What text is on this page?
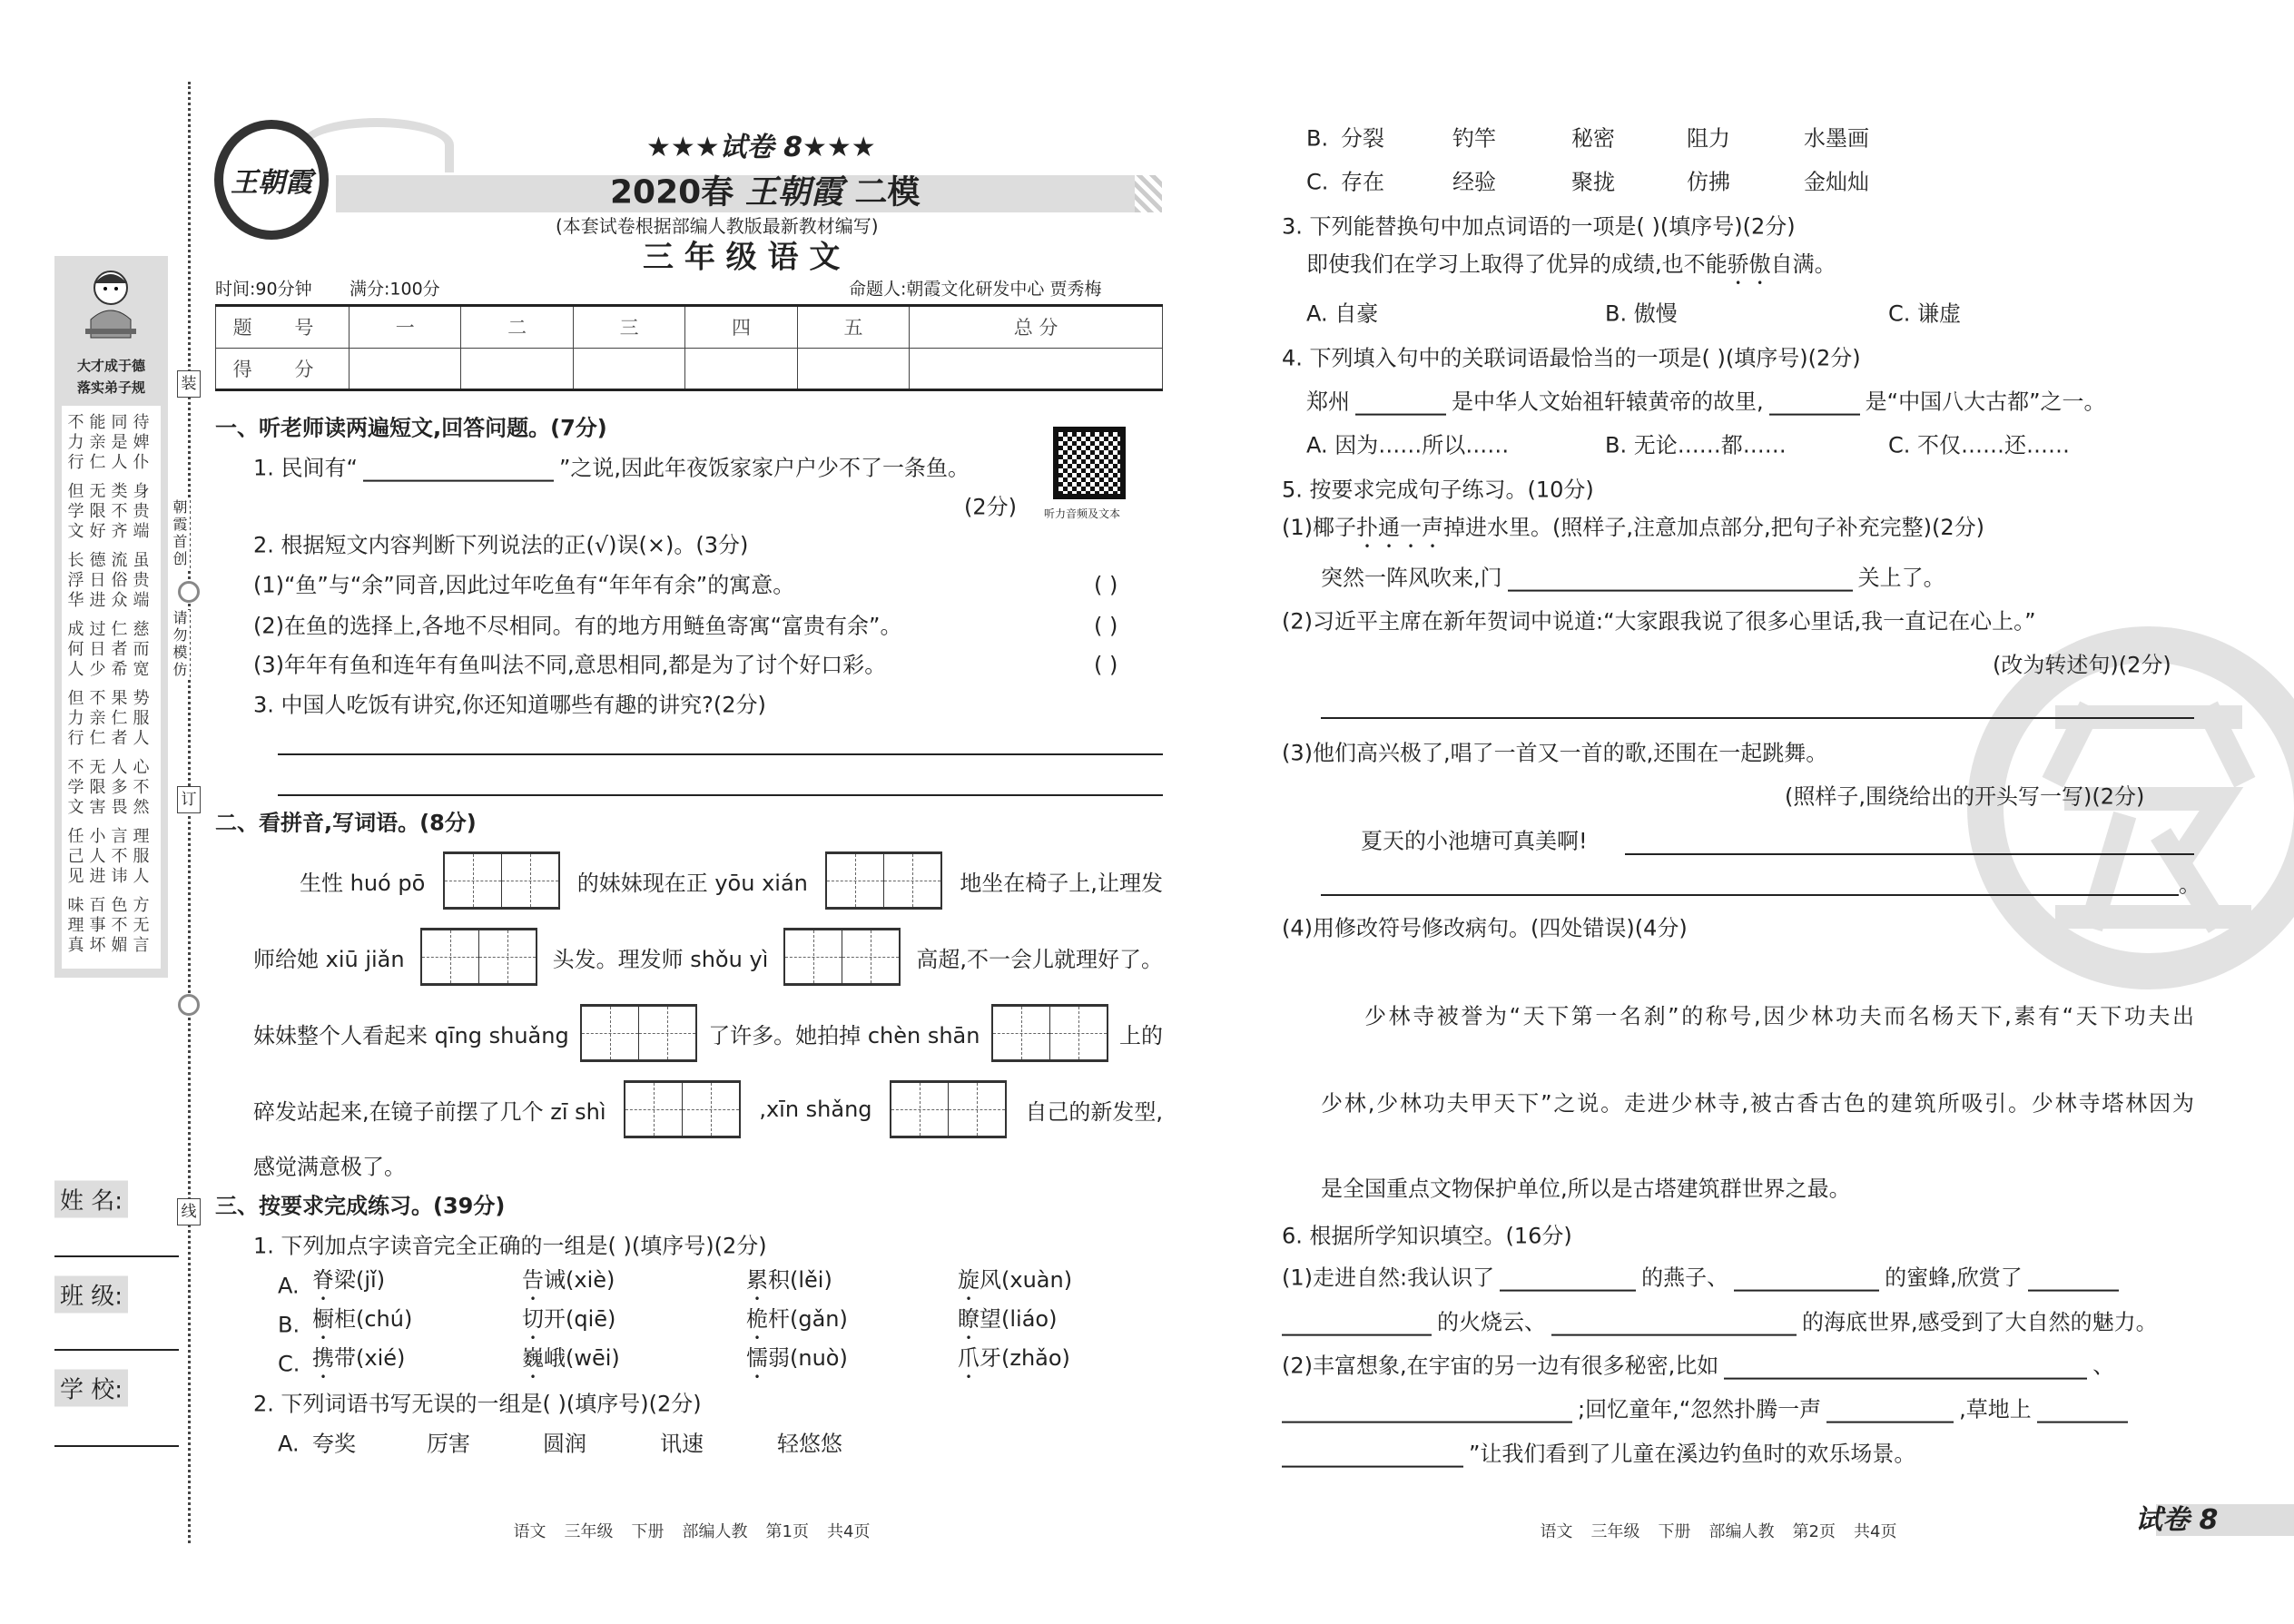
大才成于德
落实弟子规
不能同待
力亲是婢
行仁人仆
但无类身
学限不贵
文好齐端
长德流虽
浮日俗贵
华进众端
成过仁慈
何日者而
人少希宽
但不果势
力亲仁服
行仁者人
不无人心
学限多不
文害畏然
任小言理
己人不服
见进讳人
味百色方
理事不无
真坏媚言
装
朝霞首创
请勿模仿
订
线
姓 名:
班 级:
学 校:
王朝霞
★★★试卷 8★★★
2020春 王朝霞 二模
(本套试卷根据部编人教版最新教材编写)
三 年 级 语 文
时间:90分钟 满分:100分	命题人:朝霞文化研发中心 贾秀梅
题 号	一	二	三	四	五	总 分
得 分						
一、听老师读两遍短文,回答问题。(7分)
1. 民间有“	”之说,因此年夜饭家家户户少不了一条鱼。
(2分)	听力音频及文本
2. 根据短文内容判断下列说法的正(√)误(×)。(3分)
(1)“鱼”与“余”同音,因此过年吃鱼有“年年有余”的寓意。	( )
(2)在鱼的选择上,各地不尽相同。有的地方用鲢鱼寄寓“富贵有余”。	( )
(3)年年有鱼和连年有鱼叫法不同,意思相同,都是为了讨个好口彩。	( )
3. 中国人吃饭有讲究,你还知道哪些有趣的讲究?(2分)
二、看拼音,写词语。(8分)
生性 huó pō	的妹妹现在正 yōu xián	地坐在椅子上,让理发
师给她 xiū jiǎn	头发。理发师 shǒu yì	高超,不一会儿就理好了。
妹妹整个人看起来 qīng shuǎng	了许多。她拍掉 chèn shān	上的
碎发站起来,在镜子前摆了几个 zī shì	,xīn shǎng	自己的新发型,
感觉满意极了。
三、按要求完成练习。(39分)
1. 下列加点字读音完全正确的一组是( )(填序号)(2分)
A. 脊梁(jǐ)	告诫(xiè)	累积(lěi)	旋风(xuàn)
B. 橱柜(chú)	切开(qiē)	桅杆(gǎn)	瞭望(liáo)
C. 携带(xié)	巍峨(wēi)	懦弱(nuò)	爪牙(zhǎo)
2. 下列词语书写无误的一组是( )(填序号)(2分)
A. 夸奖	厉害	圆润	讯速	轻悠悠
B. 分裂	钓竿	秘密	阻力	水墨画
C. 存在	经验	聚拢	仿拂	金灿灿
语文 三年级 下册 部编人教 第1页 共4页
3. 下列能替换句中加点词语的一项是( )(填序号)(2分)
即使我们在学习上取得了优异的成绩,也不能骄傲自满。
A. 自豪	B. 傲慢	C. 谦虚
4. 下列填入句中的关联词语最恰当的一项是( )(填序号)(2分)
郑州	是中华人文始祖轩辕黄帝的故里,	是“中国八大古都”之一。
A. 因为……所以……	B. 无论……都……	C. 不仅……还……
5. 按要求完成句子练习。(10分)
(1)椰子扑通一声掉进水里。(照样子,注意加点部分,把句子补充完整)(2分)
突然一阵风吹来,门	关上了。
(2)习近平主席在新年贺词中说道:“大家跟我说了很多心里话,我一直记在心上。”
(改为转述句)(2分)
(3)他们高兴极了,唱了一首又一首的歌,还围在一起跳舞。
(照样子,围绕给出的开头写一写)(2分)
夏天的小池塘可真美啊!
。
(4)用修改符号修改病句。(四处错误)(4分)
少林寺被誉为“天下第一名刹”的称号,因少林功夫而名杨天下,素有“天下功夫出
少林,少林功夫甲天下”之说。走进少林寺,被古香古色的建筑所吸引。少林寺塔林因为
是全国重点文物保护单位,所以是古塔建筑群世界之最。
6. 根据所学知识填空。(16分)
(1)走进自然:我认识了	的燕子、	的蜜蜂,欣赏了
的火烧云、	的海底世界,感受到了大自然的魅力。
(2)丰富想象,在宇宙的另一边有很多秘密,比如	、
;回忆童年,“忽然扑腾一声	,草地上
”让我们看到了儿童在溪边钓鱼时的欢乐场景。
语文 三年级 下册 部编人教 第2页 共4页	试卷 8
